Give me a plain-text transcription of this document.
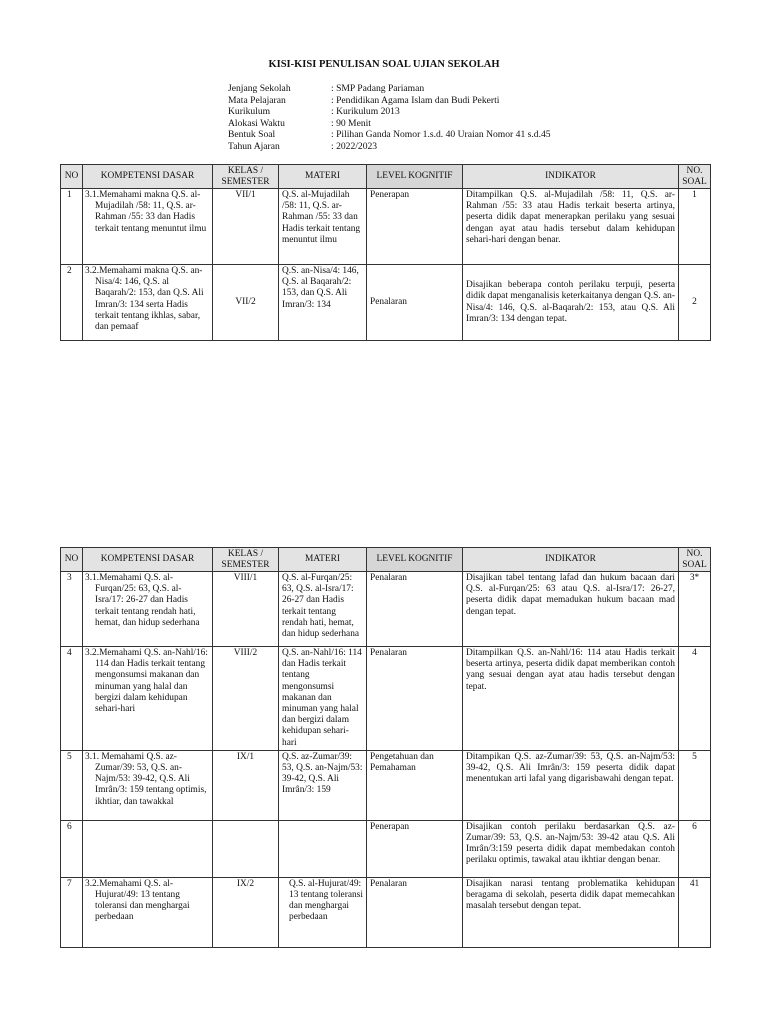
KISI-KISI PENULISAN SOAL UJIAN SEKOLAH
Jenjang Sekolah	: SMP Padang Pariaman
Mata Pelajaran	: Pendidikan Agama Islam dan Budi Pekerti
Kurikulum	: Kurikulum 2013
Alokasi Waktu	: 90 Menit
Bentuk Soal	: Pilihan Ganda Nomor 1.s.d. 40 Uraian Nomor 41 s.d.45
Tahun Ajaran	: 2022/2023
NO	KOMPETENSI DASAR	KELAS / SEMESTER	MATERI	LEVEL KOGNITIF	INDIKATOR	NO. SOAL
1	3.1.Memahami makna Q.S. al-Mujadilah /58: 11, Q.S. ar-Rahman /55: 33 dan Hadis terkait tentang menuntut ilmu	VII/1	Q.S. al-Mujadilah /58: 11, Q.S. ar-Rahman /55: 33 dan Hadis terkait tentang menuntut ilmu	Penerapan	Ditampilkan Q.S. al-Mujadilah /58: 11, Q.S. ar-Rahman /55: 33 atau Hadis terkait beserta artinya, peserta didik dapat menerapkan perilaku yang sesuai dengan ayat atau hadis tersebut dalam kehidupan sehari-hari dengan benar.	1
2	3.2.Memahami makna Q.S. an-Nisa/4: 146, Q.S. al Baqarah/2: 153, dan Q.S. Ali Imran/3: 134 serta Hadis terkait tentang ikhlas, sabar, dan pemaaf	VII/2	Q.S. an-Nisa/4: 146, Q.S. al Baqarah/2: 153, dan Q.S. Ali Imran/3: 134	Penalaran	Disajikan beberapa contoh perilaku terpuji, peserta didik dapat menganalisis keterkaitanya dengan Q.S. an-Nisa/4: 146, Q.S. al-Baqarah/2: 153, atau Q.S. Ali Imran/3: 134 dengan tepat.	2
NO	KOMPETENSI DASAR	KELAS / SEMESTER	MATERI	LEVEL KOGNITIF	INDIKATOR	NO. SOAL
3	3.1.Memahami Q.S. al-Furqan/25: 63, Q.S. al-Isra/17: 26-27 dan Hadis terkait tentang rendah hati, hemat, dan hidup sederhana	VIII/1	Q.S. al-Furqan/25: 63, Q.S. al-Isra/17: 26-27 dan Hadis terkait tentang rendah hati, hemat, dan hidup sederhana	Penalaran	Disajikan tabel tentang lafad dan hukum bacaan dari Q.S. al-Furqan/25: 63 atau Q.S. al-Isra/17: 26-27, peserta didik dapat memadukan hukum bacaan mad dengan tepat.	3*
4	3.2.Memahami Q.S. an-Nahl/16: 114 dan Hadis terkait tentang mengonsumsi makanan dan minuman yang halal dan bergizi dalam kehidupan sehari-hari	VIII/2	Q.S. an-Nahl/16: 114 dan Hadis terkait tentang mengonsumsi makanan dan minuman yang halal dan bergizi dalam kehidupan sehari-hari	Penalaran	Ditampilkan Q.S. an-Nahl/16: 114 atau Hadis terkait beserta artinya, peserta didik dapat memberikan contoh yang sesuai dengan ayat atau hadis tersebut dengan tepat.	4
5	3.1. Memahami Q.S. az-Zumar/39: 53, Q.S. an-Najm/53: 39-42, Q.S. Ali Imrân/3: 159 tentang optimis, ikhtiar, dan tawakkal	IX/1	Q.S. az-Zumar/39: 53, Q.S. an-Najm/53: 39-42, Q.S. Ali Imrân/3: 159	Pengetahuan dan Pemahaman	Ditampikan Q.S. az-Zumar/39: 53, Q.S. an-Najm/53: 39-42, Q.S. Ali Imrân/3: 159 peserta didik dapat menentukan arti lafal yang digarisbawahi dengan tepat.	5
6				Penerapan	Disajikan contoh perilaku berdasarkan Q.S. az-Zumar/39: 53, Q.S. an-Najm/53: 39-42 atau Q.S. Ali Imrân/3:159 peserta didik dapat membedakan contoh perilaku optimis, tawakal atau ikhtiar dengan benar.	6
7	3.2.Memahami Q.S. al-Hujurat/49: 13 tentang toleransi dan menghargai perbedaan	IX/2	Q.S. al-Hujurat/49: 13 tentang toleransi dan menghargai perbedaan	Penalaran	Disajikan narasi tentang problematika kehidupan beragama di sekolah, peserta didik dapat memecahkan masalah tersebut dengan tepat.	41
